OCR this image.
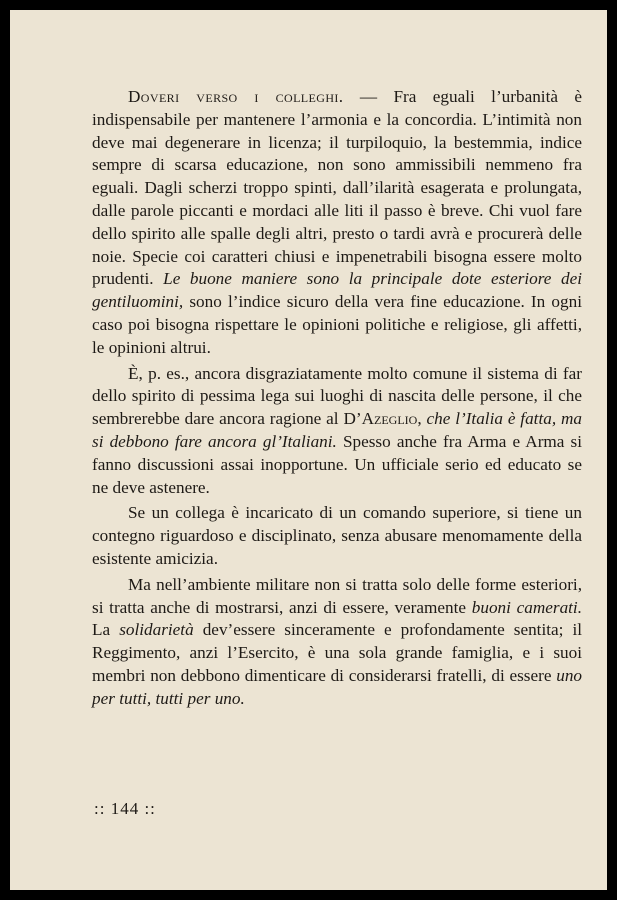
Doveri verso i colleghi. — Fra eguali l’urbanità è indispensabile per mantenere l’armonia e la concordia. L’intimità non deve mai degenerare in licenza; il turpiloquio, la bestemmia, indice sempre di scarsa educazione, non sono ammissibili nemmeno fra eguali. Dagli scherzi troppo spinti, dall’ilarità esagerata e prolungata, dalle parole piccanti e mordaci alle liti il passo è breve. Chi vuol fare dello spirito alle spalle degli altri, presto o tardi avrà e procurerà delle noie. Specie coi caratteri chiusi e impenetrabili bisogna essere molto prudenti. Le buone maniere sono la principale dote esteriore dei gentiluomini, sono l’indice sicuro della vera fine educazione. In ogni caso poi bisogna rispettare le opinioni politiche e religiose, gli affetti, le opinioni altrui.

È, p. es., ancora disgraziatamente molto comune il sistema di far dello spirito di pessima lega sui luoghi di nascita delle persone, il che sembrerebbe dare ancora ragione al D’Azeglio, che l’Italia è fatta, ma si debbono fare ancora gl’Italiani. Spesso anche fra Arma e Arma si fanno discussioni assai inopportune. Un ufficiale serio ed educato se ne deve astenere.

Se un collega è incaricato di un comando superiore, si tiene un contegno riguardoso e disciplinato, senza abusare menomamente della esistente amicizia.

Ma nell’ambiente militare non si tratta solo delle forme esteriori, si tratta anche di mostrarsi, anzi di essere, veramente buoni camerati. La solidarietà dev’essere sinceramente e profondamente sentita; il Reggimento, anzi l’Esercito, è una sola grande famiglia, e i suoi membri non debbono dimenticare di considerarsi fratelli, di essere uno per tutti, tutti per uno.

:: 144 ::
